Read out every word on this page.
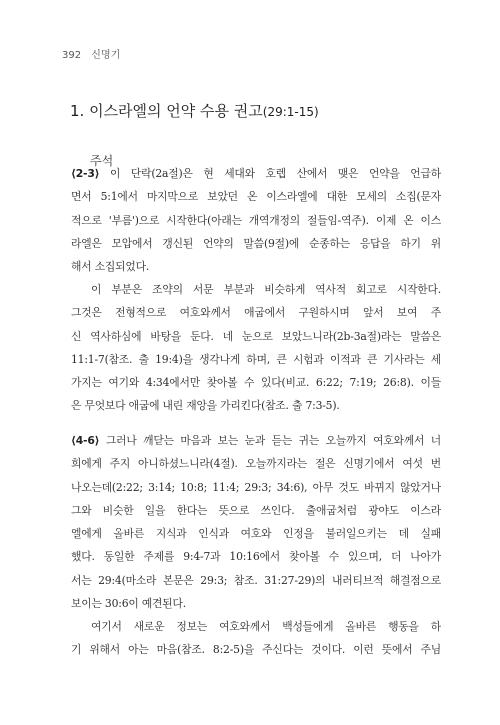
392 신명기
1. 이스라엘의 언약 수용 권고(29:1-15)
주석
⟨2-3⟩ 이 단락(2a절)은 현 세대와 호렙 산에서 맺은 언약을 언급하
면서 5:1에서 마지막으로 보았던 온 이스라엘에 대한 모세의 소집(문자
적으로 '부름')으로 시작한다(아래는 개역개정의 절들임-역주). 이제 온 이스
라엘은 모압에서 갱신된 언약의 말씀(9절)에 순종하는 응답을 하기 위
해서 소집되었다.
이 부분은 조약의 서문 부분과 비슷하게 역사적 회고로 시작한다.
그것은 전형적으로 여호와께서 애굽에서 구원하시며 앞서 보여 주
신 역사하심에 바탕을 둔다. 네 눈으로 보았느니라(2b-3a절)라는 말씀은
11:1-7(참조. 출 19:4)을 생각나게 하며, 큰 시험과 이적과 큰 기사라는 세
가지는 여기와 4:34에서만 찾아볼 수 있다(비교. 6:22; 7:19; 26:8). 이들
은 무엇보다 애굽에 내린 재앙을 가리킨다(참조. 출 7:3-5).
⟨4-6⟩ 그러나 깨닫는 마음과 보는 눈과 듣는 귀는 오늘까지 여호와께서 너
희에게 주지 아니하셨느니라(4절). 오늘까지라는 절은 신명기에서 여섯 번
나오는데(2:22; 3:14; 10:8; 11:4; 29:3; 34:6), 아무 것도 바뀌지 않았거나
그와 비슷한 일을 한다는 뜻으로 쓰인다. 출애굽처럼 광야도 이스라
엘에게 올바른 지식과 인식과 여호와 인정을 불러일으키는 데 실패
했다. 동일한 주제를 9:4-7과 10:16에서 찾아볼 수 있으며, 더 나아가
서는 29:4(마소라 본문은 29:3; 참조. 31:27-29)의 내러티브적 해결점으로
보이는 30:6이 예견된다.
여기서 새로운 정보는 여호와께서 백성들에게 올바른 행동을 하
기 위해서 아는 마음(참조. 8:2-5)을 주신다는 것이다. 이런 뜻에서 주님
